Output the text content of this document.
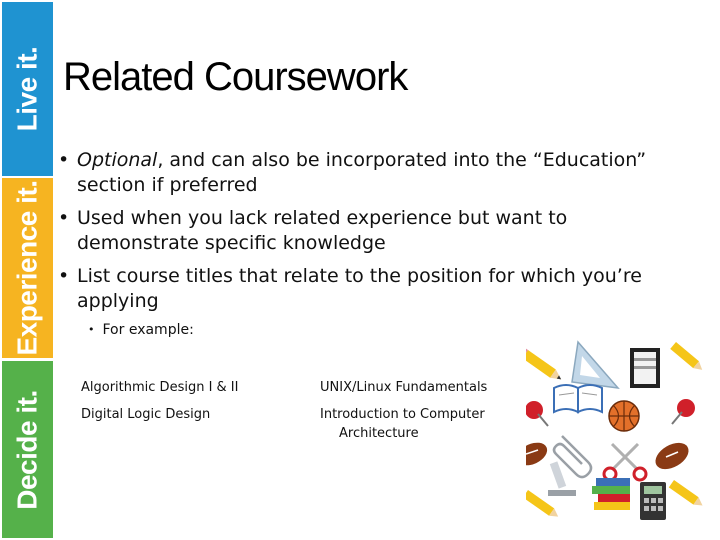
Live it.
Experience it.
Decide it.
Related Coursework
• Optional, and can also be incorporated into the “Education” section if preferred
• Used when you lack related experience but want to demonstrate specific knowledge
• List course titles that relate to the position for which you’re applying
• For example:
Algorithmic Design I & II	UNIX/Linux Fundamentals
Digital Logic Design	Introduction to Computer
Architecture
